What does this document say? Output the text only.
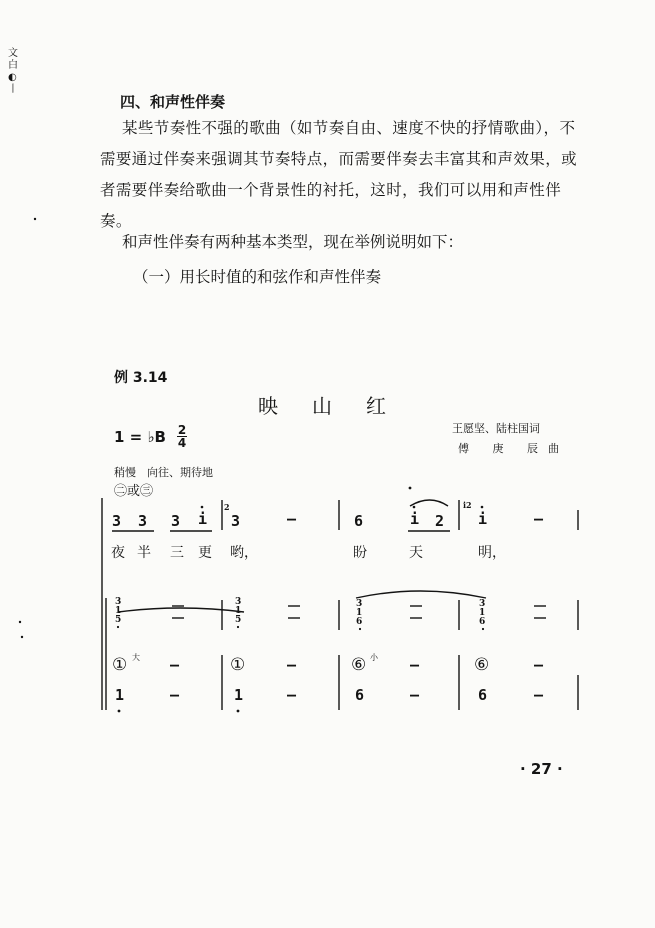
文 白 ◐ 丨
四、和声性伴奏
某些节奏性不强的歌曲（如节奏自由、速度不快的抒情歌曲），不需要通过伴奏来强调其节奏特点，而需要伴奏去丰富其和声效果，或者需要伴奏给歌曲一个背景性的衬托，这时，我们可以用和声性伴奏。
和声性伴奏有两种基本类型，现在举例说明如下：
（一）用长时值的和弦作和声性伴奏
例 3.14
映山红
王愿坚、陆柱国词
傅 庚 辰曲
1 = ♭B $\frac{2}{4}$
稍慢　向往、期待地
㊁或㊂
3 3 3 i
2
3	–	6	i 2
i2
i	–
夜 半 三 更 哟，	盼	天	明，
3
1
5
3
1
5
3
1
6
3
1
6
① 大	①	⑥ 小	⑥
–	–	–	–
1	–	1	–	6	–	6	–
· 27 ·
